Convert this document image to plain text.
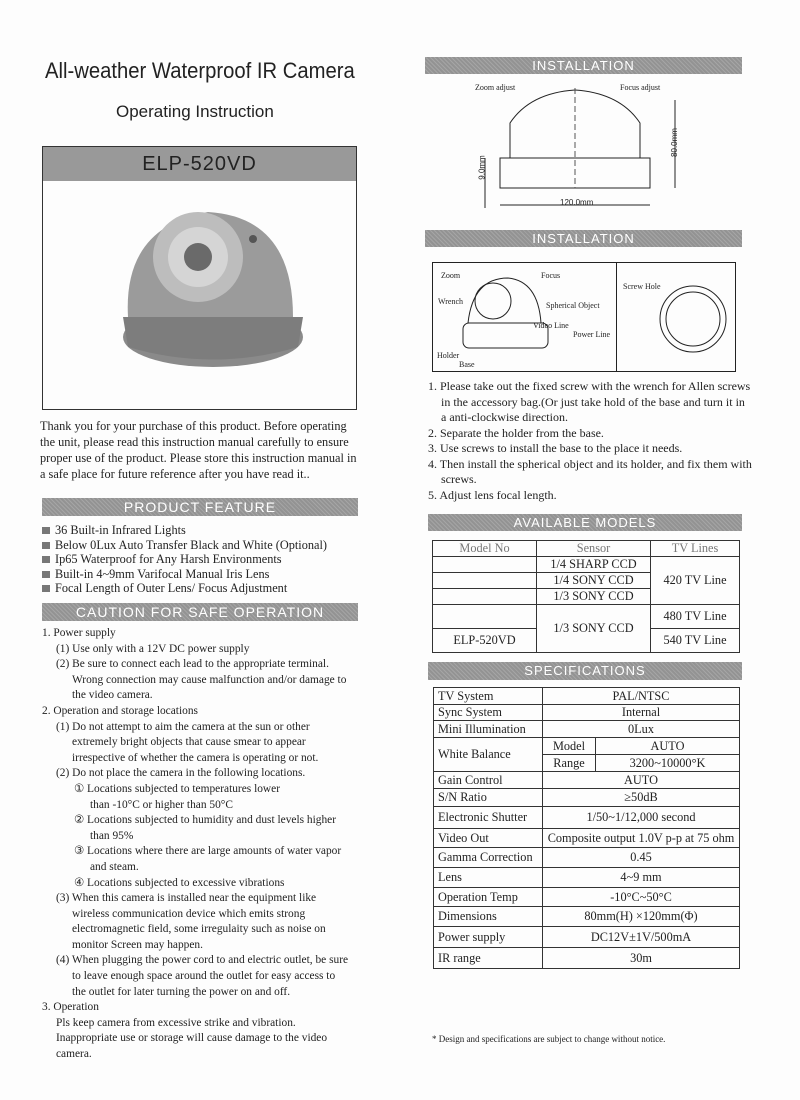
All-weather Waterproof IR Camera
Operating Instruction
ELP-520VD
Thank you for your purchase of this product. Before operating the unit, please read this instruction manual carefully to ensure proper use of the product. Please store this instruction manual in a safe place for future reference after you have read it..
PRODUCT FEATURE
36 Built-in Infrared Lights
Below 0Lux Auto Transfer Black and White (Optional)
Ip65 Waterproof for Any Harsh Environments
Built-in 4~9mm Varifocal Manual Iris Lens
Focal Length of Outer Lens/ Focus Adjustment
CAUTION FOR SAFE OPERATION
1. Power supply
(1) Use only with a 12V DC power supply
(2) Be sure to connect each lead to the appropriate terminal.
Wrong connection may cause malfunction and/or damage to
the video camera.
2. Operation and storage locations
(1) Do not attempt to aim the camera at the sun or other
extremely bright objects that cause smear to appear
irrespective of whether the camera is operating or not.
(2) Do not place the camera in the following locations.
① Locations subjected to temperatures lower
than -10°C or higher than 50°C
② Locations subjected to humidity and dust levels higher
than 95%
③ Locations where there are large amounts of water vapor
and steam.
④ Locations subjected to excessive vibrations
(3) When this camera is installed near the equipment like
wireless communication device which emits strong
electromagnetic field, some irregulaity such as noise on
monitor Screen may happen.
(4) When plugging the power cord to and electric outlet, be sure
to leave enough space around the outlet for easy access to
the outlet for later turning the power on and off.
3. Operation
Pls keep camera from excessive strike and vibration.
Inappropriate use or storage will cause damage to the video
camera.
INSTALLATION
Zoom adjust	Focus adjust
80.0mm
9.0mm
120.0mm
INSTALLATION
Zoom	Focus
Wrench	Spherical Object
Video Line
Power Line
Holder
Base
Screw Hole
1. Please take out the fixed screw with the wrench for Allen screws
in the accessory bag.(Or just take hold of the base and turn it in
a anti-clockwise direction.
2. Separate the holder from the base.
3. Use screws to install the base to the place it needs.
4. Then install the spherical object and its holder, and fix them with
screws.
5. Adjust lens focal length.
AVAILABLE MODELS
Model No	Sensor	TV Lines
	1/4 SHARP CCD	420 TV Line
	1/4 SONY CCD	
	1/3 SONY CCD	
	1/3 SONY CCD	480 TV Line
ELP-520VD		540 TV Line
SPECIFICATIONS
TV System	PAL/NTSC	
Sync System	Internal	
Mini Illumination	0Lux	
White Balance	Model	AUTO
	Range	3200~10000°K
Gain Control	AUTO	
S/N Ratio	≥50dB	
Electronic Shutter	1/50~1/12,000 second	
Video Out	Composite output 1.0V p-p at 75 ohm	
Gamma Correction	0.45	
Lens	4~9 mm	
Operation Temp	-10°C~50°C	
Dimensions	80mm(H) ×120mm(Φ)	
Power supply	DC12V±1V/500mA	
IR range	30m	
* Design and specifications are subject to change without notice.
